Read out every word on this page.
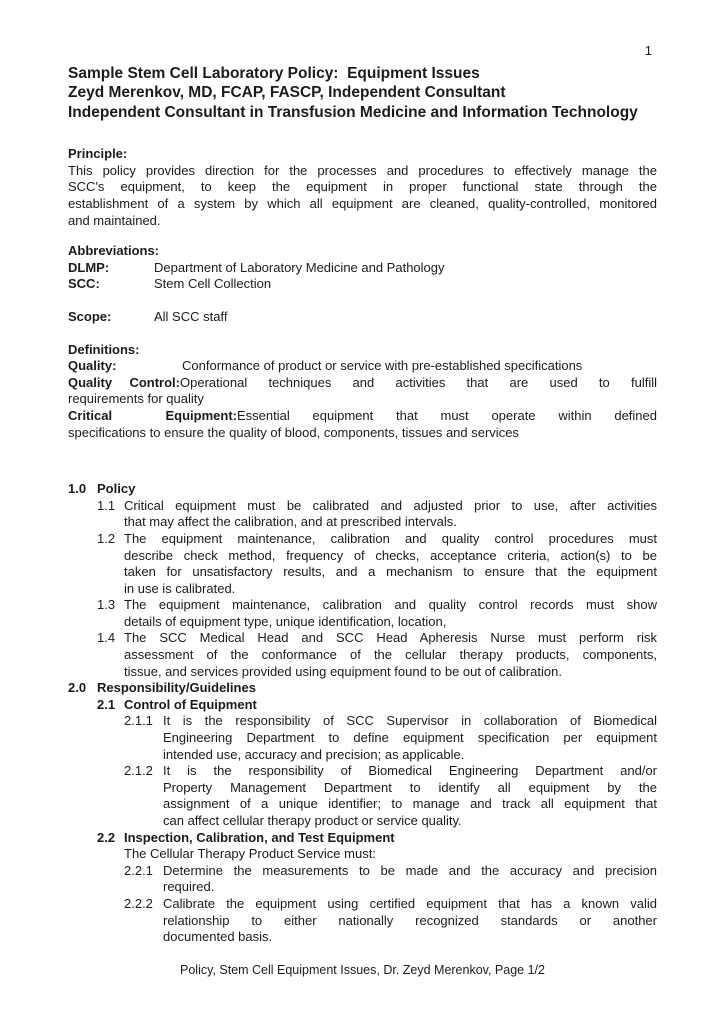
1
Sample Stem Cell Laboratory Policy:  Equipment Issues
Zeyd Merenkov, MD, FCAP, FASCP, Independent Consultant
Independent Consultant in Transfusion Medicine and Information Technology
Principle:
This policy provides direction for the processes and procedures to effectively manage the
SCC's equipment, to keep the equipment in proper functional state through the
establishment of a system by which all equipment are cleaned, quality-controlled, monitored
and maintained.
Abbreviations:
DLMP:	Department of Laboratory Medicine and Pathology
SCC:	Stem Cell Collection
Scope:	All SCC staff
Definitions:
Quality:	Conformance of product or service with pre-established specifications
Quality Control:Operational techniques and activities that are used to fulfill
requirements for quality
Critical Equipment:Essential equipment that must operate within defined
specifications to ensure the quality of blood, components, tissues and services
1.0 Policy
1.1 Critical equipment must be calibrated and adjusted prior to use, after activities
that may affect the calibration, and at prescribed intervals.
1.2 The equipment maintenance, calibration and quality control procedures must
describe check method, frequency of checks, acceptance criteria, action(s) to be
taken for unsatisfactory results, and a mechanism to ensure that the equipment
in use is calibrated.
1.3 The equipment maintenance, calibration and quality control records must show
details of equipment type, unique identification, location,
1.4 The SCC Medical Head and SCC Head Apheresis Nurse must perform risk
assessment of the conformance of the cellular therapy products, components,
tissue, and services provided using equipment found to be out of calibration.
2.0 Responsibility/Guidelines
2.1 Control of Equipment
2.1.1 It is the responsibility of SCC Supervisor in collaboration of Biomedical
Engineering Department to define equipment specification per equipment
intended use, accuracy and precision; as applicable.
2.1.2 It is the responsibility of Biomedical Engineering Department and/or
Property Management Department to identify all equipment by the
assignment of a unique identifier; to manage and track all equipment that
can affect cellular therapy product or service quality.
2.2 Inspection, Calibration, and Test Equipment
The Cellular Therapy Product Service must:
2.2.1 Determine the measurements to be made and the accuracy and precision
required.
2.2.2 Calibrate the equipment using certified equipment that has a known valid
relationship to either nationally recognized standards or another
documented basis.
Policy, Stem Cell Equipment Issues, Dr. Zeyd Merenkov, Page 1/2
